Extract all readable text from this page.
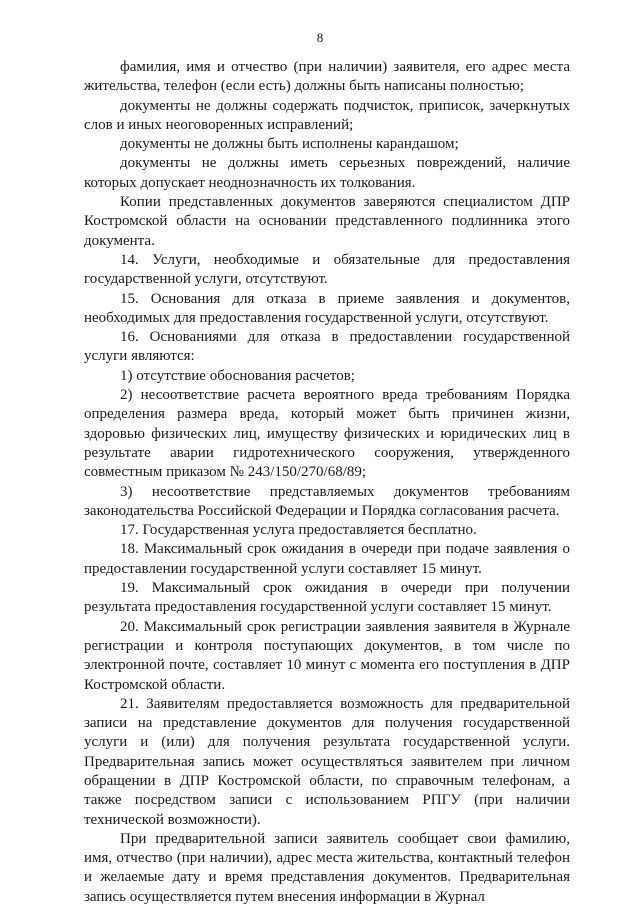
8

фамилия, имя и отчество (при наличии) заявителя, его адрес места жительства, телефон (если есть) должны быть написаны полностью;

документы не должны содержать подчисток, приписок, зачеркнутых слов и иных неоговоренных исправлений;

документы не должны быть исполнены карандашом;

документы не должны иметь серьезных повреждений, наличие которых допускает неоднозначность их толкования.

Копии представленных документов заверяются специалистом ДПР Костромской области на основании представленного подлинника этого документа.

14. Услуги, необходимые и обязательные для предоставления государственной услуги, отсутствуют.

15. Основания для отказа в приеме заявления и документов, необходимых для предоставления государственной услуги, отсутствуют.

16. Основаниями для отказа в предоставлении государственной услуги являются:

1) отсутствие обоснования расчетов;

2) несоответствие расчета вероятного вреда требованиям Порядка определения размера вреда, который может быть причинен жизни, здоровью физических лиц, имуществу физических и юридических лиц в результате аварии гидротехнического сооружения, утвержденного совместным приказом № 243/150/270/68/89;

3) несоответствие представляемых документов требованиям законодательства Российской Федерации и Порядка согласования расчета.

17. Государственная услуга предоставляется бесплатно.

18. Максимальный срок ожидания в очереди при подаче заявления о предоставлении государственной услуги составляет 15 минут.

19. Максимальный срок ожидания в очереди при получении результата предоставления государственной услуги составляет 15 минут.

20. Максимальный срок регистрации заявления заявителя в Журнале регистрации и контроля поступающих документов, в том числе по электронной почте, составляет 10 минут с момента его поступления в ДПР Костромской области.

21. Заявителям предоставляется возможность для предварительной записи на представление документов для получения государственной услуги и (или) для получения результата государственной услуги. Предварительная запись может осуществляться заявителем при личном обращении в ДПР Костромской области, по справочным телефонам, а также посредством записи с использованием РПГУ (при наличии технической возможности).

При предварительной записи заявитель сообщает свои фамилию, имя, отчество (при наличии), адрес места жительства, контактный телефон и желаемые дату и время представления документов. Предварительная запись осуществляется путем внесения информации в Журнал
